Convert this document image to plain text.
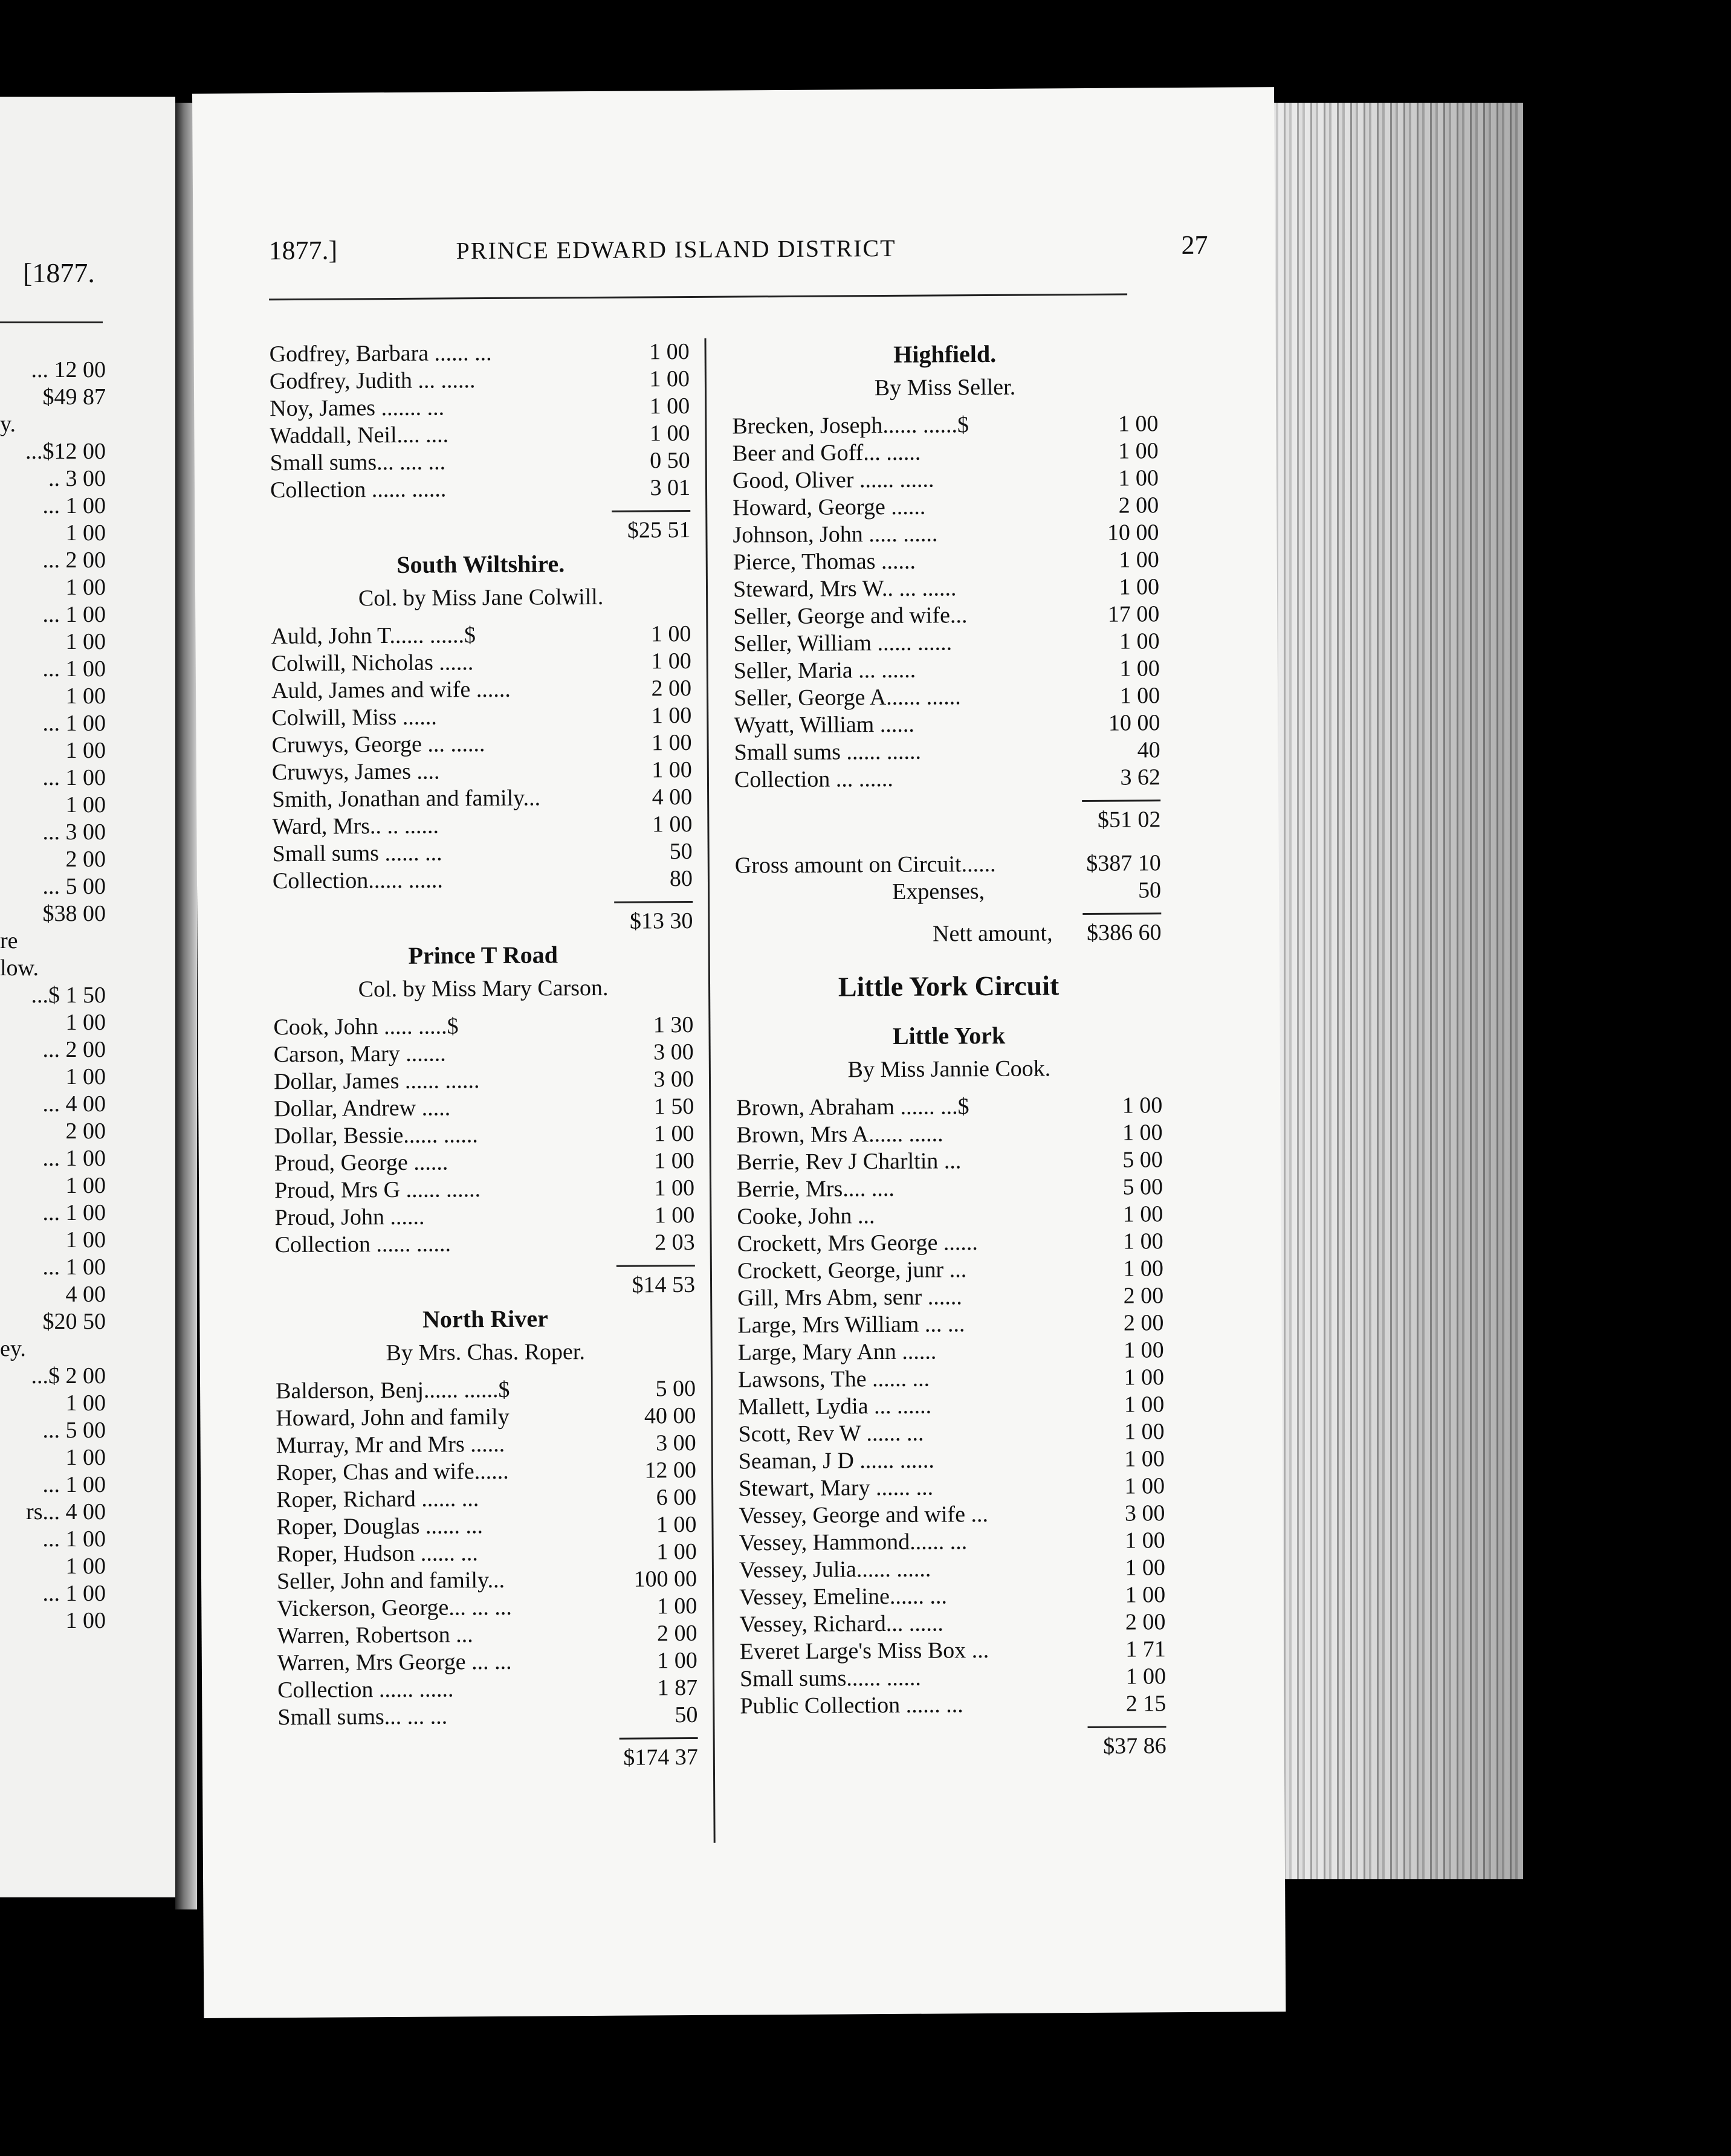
[1877.
... 12 00
$49 87
y.
...$12 00
.. 3 00
... 1 00
1 00
... 2 00
1 00
... 1 00
1 00
... 1 00
1 00
... 1 00
1 00
... 1 00
1 00
... 3 00
2 00
... 5 00
$38 00
re
low.
...$ 1 50
1 00
... 2 00
1 00
... 4 00
2 00
... 1 00
1 00
... 1 00
1 00
... 1 00
4 00
$20 50
ey.
...$ 2 00
1 00
... 5 00
1 00
... 1 00
rs... 4 00
... 1 00
1 00
... 1 00
1 00
1877.]	PRINCE EDWARD ISLAND DISTRICT	27
Godfrey, Barbara ...... ...	1 00
Godfrey, Judith ... ......	1 00
Noy, James ....... ...	1 00
Waddall, Neil.... ....	1 00
Small sums... .... ...	0 50
Collection ...... ......	3 01
$25 51
South Wiltshire.
Col. by Miss Jane Colwill.
Auld, John T...... ......$	1 00
Colwill, Nicholas ......	1 00
Auld, James and wife ......	2 00
Colwill, Miss ......	1 00
Cruwys, George ... ......	1 00
Cruwys, James ....	1 00
Smith, Jonathan and family...	4 00
Ward, Mrs.. .. ......	1 00
Small sums ...... ...	50
Collection...... ......	80
$13 30
Prince T Road
Col. by Miss Mary Carson.
Cook, John ..... .....$	1 30
Carson, Mary .......	3 00
Dollar, James ...... ......	3 00
Dollar, Andrew .....	1 50
Dollar, Bessie...... ......	1 00
Proud, George ......	1 00
Proud, Mrs G ...... ......	1 00
Proud, John ......	1 00
Collection ...... ......	2 03
$14 53
North River
By Mrs. Chas. Roper.
Balderson, Benj...... ......$	5 00
Howard, John and family	40 00
Murray, Mr and Mrs ......	3 00
Roper, Chas and wife......	12 00
Roper, Richard ...... ...	6 00
Roper, Douglas ...... ...	1 00
Roper, Hudson ...... ...	1 00
Seller, John and family...	100 00
Vickerson, George... ... ...	1 00
Warren, Robertson ...	2 00
Warren, Mrs George ... ...	1 00
Collection ...... ......	1 87
Small sums... ... ...	50
$174 37
Highfield.
By Miss Seller.
Brecken, Joseph...... ......$	1 00
Beer and Goff... ......	1 00
Good, Oliver ...... ......	1 00
Howard, George ......	2 00
Johnson, John ..... ......	10 00
Pierce, Thomas ......	1 00
Steward, Mrs W.. ... ......	1 00
Seller, George and wife...	17 00
Seller, William ...... ......	1 00
Seller, Maria ... ......	1 00
Seller, George A...... ......	1 00
Wyatt, William ......	10 00
Small sums ...... ......	40
Collection ... ......	3 62
$51 02
Gross amount on Circuit......	$387 10
Expenses,	50
Nett amount,	$386 60
Little York Circuit
Little York
By Miss Jannie Cook.
Brown, Abraham ...... ...$	1 00
Brown, Mrs A...... ......	1 00
Berrie, Rev J Charltin ...	5 00
Berrie, Mrs.... ....	5 00
Cooke, John ...	1 00
Crockett, Mrs George ......	1 00
Crockett, George, junr ...	1 00
Gill, Mrs Abm, senr ......	2 00
Large, Mrs William ... ...	2 00
Large, Mary Ann ......	1 00
Lawsons, The ...... ...	1 00
Mallett, Lydia ... ......	1 00
Scott, Rev W ...... ...	1 00
Seaman, J D ...... ......	1 00
Stewart, Mary ...... ...	1 00
Vessey, George and wife ...	3 00
Vessey, Hammond...... ...	1 00
Vessey, Julia...... ......	1 00
Vessey, Emeline...... ...	1 00
Vessey, Richard... ......	2 00
Everet Large's Miss Box ...	1 71
Small sums...... ......	1 00
Public Collection ...... ...	2 15
$37 86
